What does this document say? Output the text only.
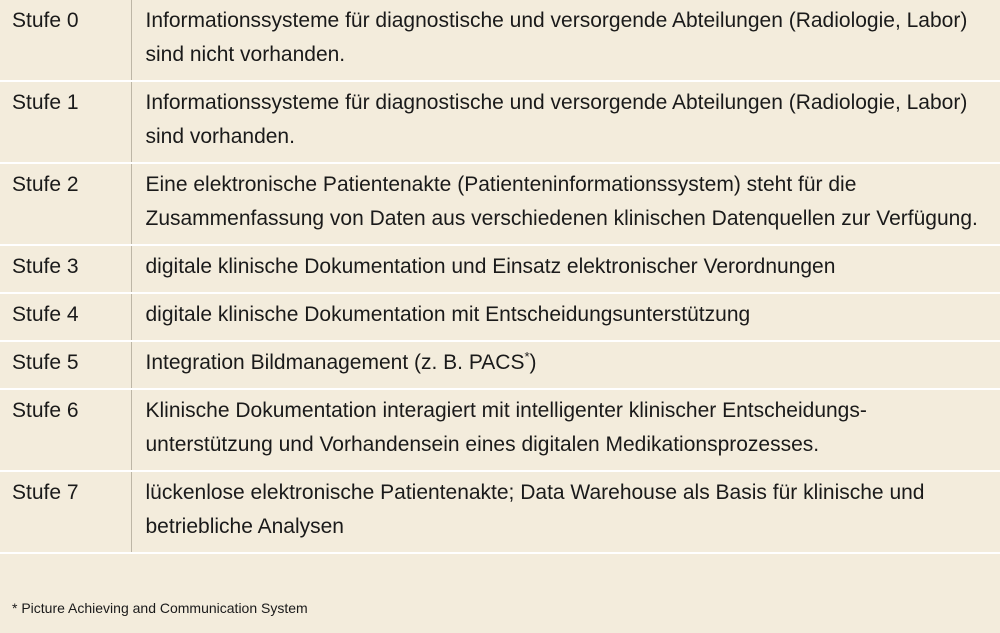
Stufe 0	Informationssysteme für diagnostische und versorgende Abteilungen (Radiologie, Labor) sind nicht vorhanden.
Stufe 1	Informationssysteme für diagnostische und versorgende Abteilungen (Radiologie, Labor) sind vorhanden.
Stufe 2	Eine elektronische Patientenakte (Patienteninformationssystem) steht für die Zusammenfassung von Daten aus verschiedenen klinischen Datenquellen zur Verfügung.
Stufe 3	digitale klinische Dokumentation und Einsatz elektronischer Verordnungen
Stufe 4	digitale klinische Dokumentation mit Entscheidungsunterstützung
Stufe 5	Integration Bildmanagement (z. B. PACS*)
Stufe 6	Klinische Dokumentation interagiert mit intelligenter klinischer Entscheidungs-unterstützung und Vorhandensein eines digitalen Medikationsprozesses.
Stufe 7	lückenlose elektronische Patientenakte; Data Warehouse als Basis für klinische und betriebliche Analysen
* Picture Achieving and Communication System
